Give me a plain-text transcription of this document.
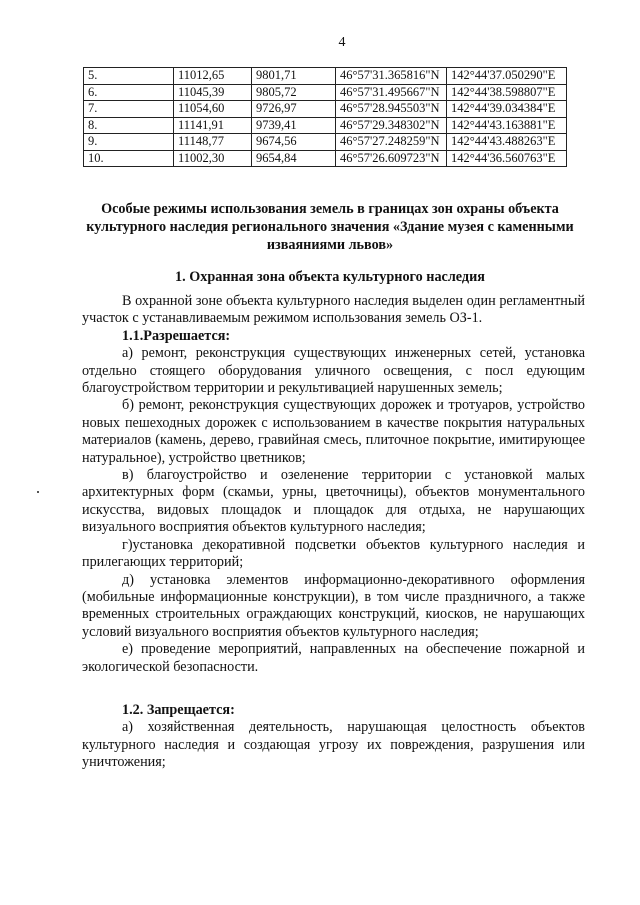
4
5.	11012,65	9801,71	46°57'31.365816"N	142°44'37.050290"E
6.	11045,39	9805,72	46°57'31.495667"N	142°44'38.598807"E
7.	11054,60	9726,97	46°57'28.945503"N	142°44'39.034384"E
8.	11141,91	9739,41	46°57'29.348302"N	142°44'43.163881"E
9.	11148,77	9674,56	46°57'27.248259"N	142°44'43.488263"E
10.	11002,30	9654,84	46°57'26.609723"N	142°44'36.560763"E
Особые режимы использования земель в границах зон охраны объекта культурного наследия регионального значения «Здание музея с каменными изваяниями львов»
1. Охранная зона объекта культурного наследия

В охранной зоне объекта культурного наследия выделен один регламентный участок с устанавливаемым режимом использования земель ОЗ-1.

1.1.Разрешается:

а) ремонт, реконструкция существующих инженерных сетей, установка отдельно стоящего оборудования уличного освещения, с посл едующим благоустройством территории и рекультивацией нарушенных земель;

б) ремонт, реконструкция существующих дорожек и тротуаров, устройство новых пешеходных дорожек с использованием в качестве покрытия натуральных материалов (камень, дерево, гравийная смесь, плиточное покрытие, имитирующее натуральное), устройство цветников;

в) благоустройство и озеленение территории с установкой малых архитектурных форм (скамьи, урны, цветочницы), объектов монументального искусства, видовых площадок и площадок для отдыха, не нарушающих визуального восприятия объектов культурного наследия;

г)установка декоративной подсветки объектов культурного наследия и прилегающих территорий;

д) установка элементов информационно-декоративного оформления (мобильные информационные конструкции), в том числе праздничного, а также временных строительных ограждающих конструкций, киосков, не нарушающих условий визуального восприятия объектов культурного наследия;

е) проведение мероприятий, направленных на обеспечение пожарной и экологической безопасности.

1.2. Запрещается:

а) хозяйственная деятельность, нарушающая целостность объектов культурного наследия и создающая угрозу их повреждения, разрушения или уничтожения;
